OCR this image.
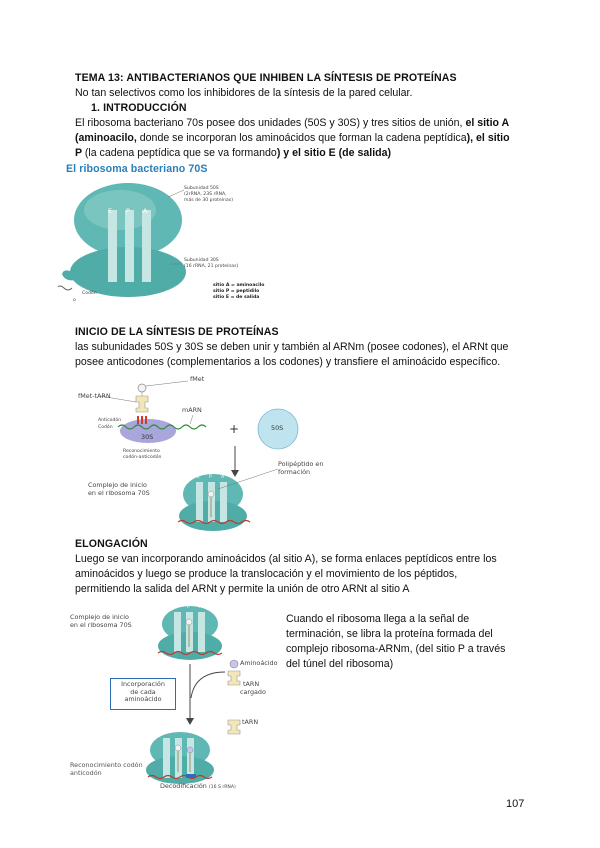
TEMA 13: ANTIBACTERIANOS QUE INHIBEN LA SÍNTESIS DE PROTEÍNAS
No tan selectivos como los inhibidores de la síntesis de la pared celular.
1. INTRODUCCIÓN
El ribosoma bacteriano 70s posee dos unidades (50S y 30S) y tres sitios de unión, el sitio A
(aminoacilo, donde se incorporan los aminoácidos que forman la cadena peptídica), el sitio
P (la cadena peptídica que se va formando) y el sitio E (de salida)
El ribosoma bacteriano 70S
E P A
Subunidad 50S
(2rRNA, 23S rRNA,
más de 30 proteínas)
Subunidad 30S
(16 rRNA, 21 proteínas)
sitio A = aminoacilo
sitio P = peptidilo
sitio E = de salida
Codón
o
INICIO DE LA SÍNTESIS DE PROTEÍNAS
las subunidades 50S y 30S se deben unir y también al ARNm (posee codones), el ARNt que
posee anticodones (complementarios a los codones) y transfiere el aminoácido específico.
fMet
fMet-tARN
Anticodón
Codón
mARN
30S
+	50S
Reconocimiento
codón-anticodón
Complejo de inicio
en el ribosoma 70S
Polipéptido en
formación
E P A
ELONGACIÓN
Luego se van incorporando aminoácidos (al sitio A), se forma enlaces peptídicos entre los
aminoácidos y luego se produce la translocación y el movimiento de los péptidos,
permitiendo la salida del ARNt y permite la unión de otro ARNt al sitio A
Complejo de inicio
en el ribosoma 70S
E P A
Aminoácido
tARN
cargado
tARN
Incorporación
de cada
aminoácido
Reconocimiento codón
anticodón
Decodificación (16 S rRNA)
Cuando el ribosoma llega a la señal de
terminación, se libra la proteína formada del
complejo ribosoma-ARNm, (del sitio P a través
del túnel del ribosoma)
107
